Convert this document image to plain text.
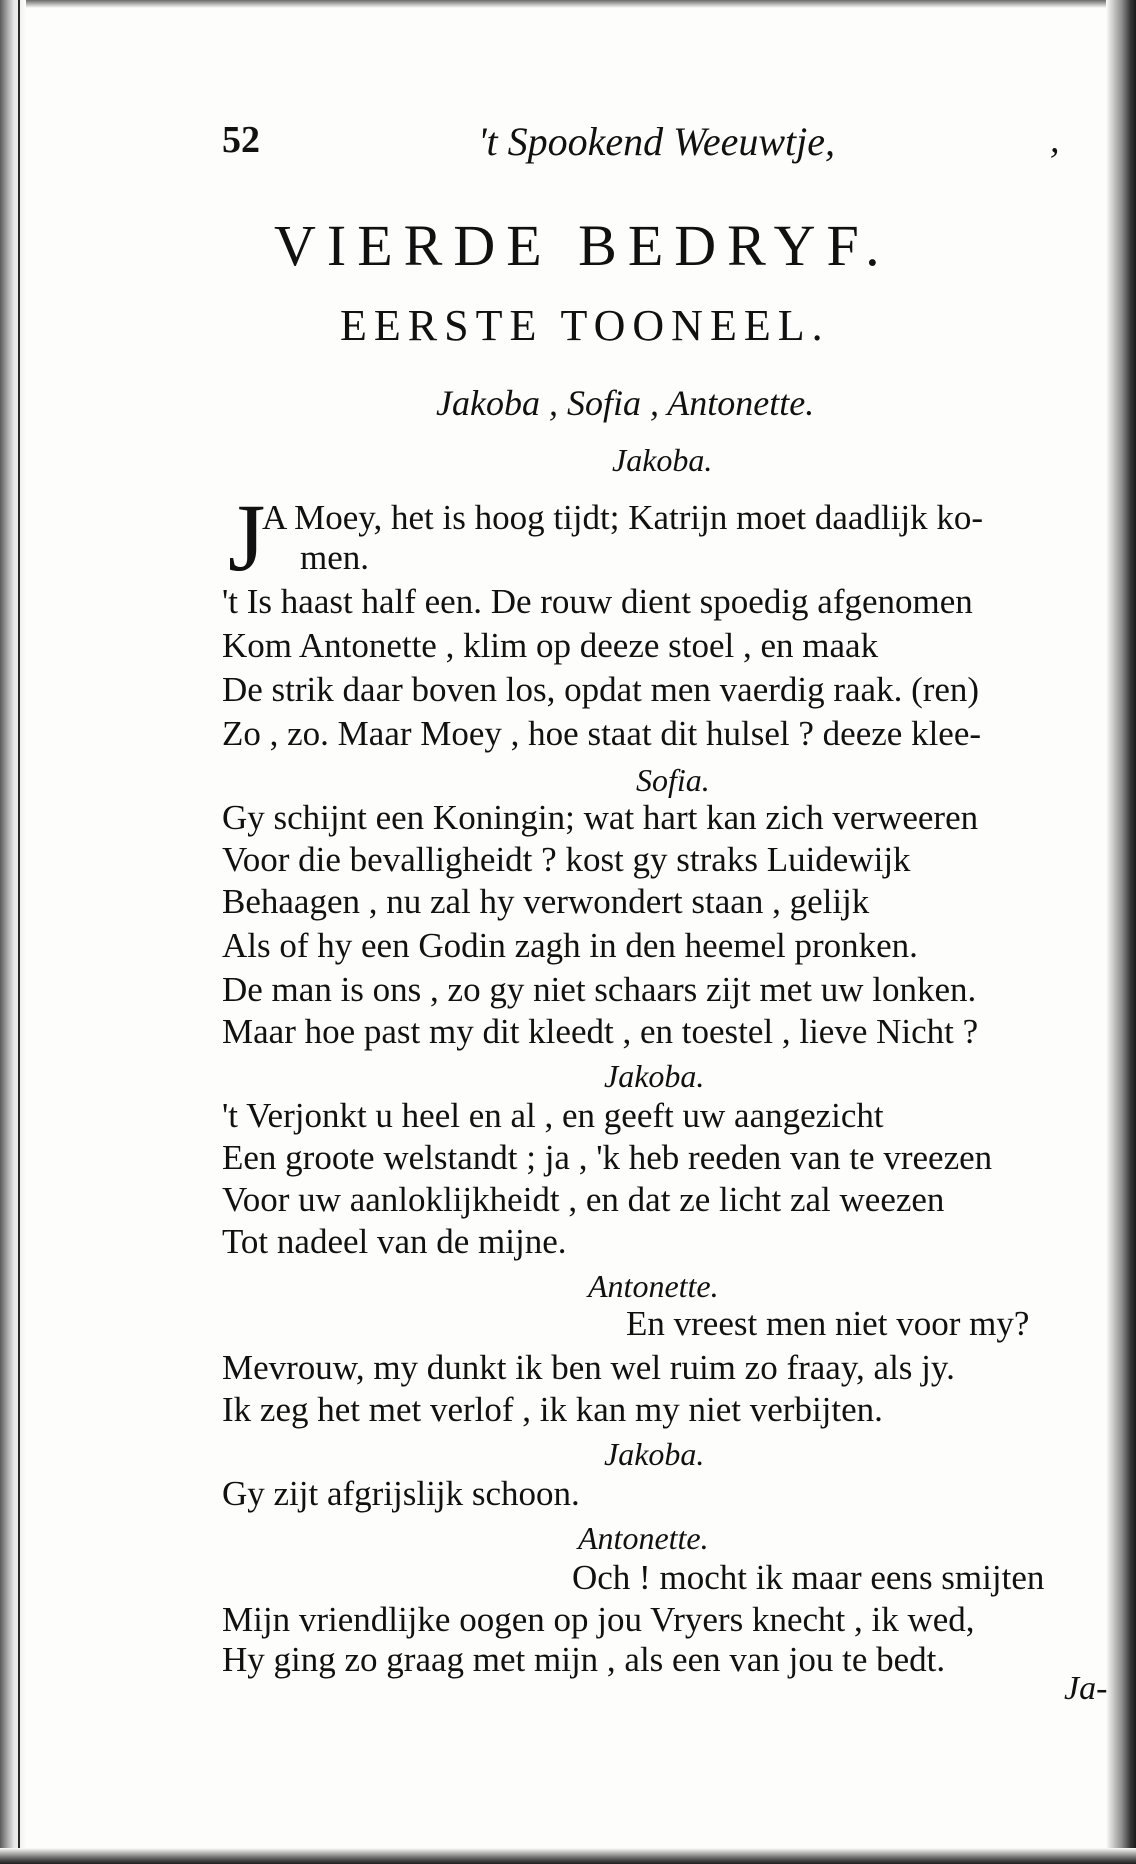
52	't Spookend Weeuwtje,	,
VIERDE BEDRYF.
EERSTE TOONEEL.
Jakoba , Sofia , Antonette.
Jakoba.
J
A Moey, het is hoog tijdt; Katrijn moet daadlijk ko-
men.
't Is haast half een. De rouw dient spoedig afgenomen
Kom Antonette , klim op deeze stoel , en maak
De strik daar boven los, opdat men vaerdig raak. (ren)
Zo , zo. Maar Moey , hoe staat dit hulsel ? deeze klee-
Sofia.
Gy schijnt een Koningin; wat hart kan zich verweeren
Voor die bevalligheidt ? kost gy straks Luidewijk
Behaagen , nu zal hy verwondert staan , gelijk
Als of hy een Godin zagh in den heemel pronken.
De man is ons , zo gy niet schaars zijt met uw lonken.
Maar hoe past my dit kleedt , en toestel , lieve Nicht ?
Jakoba.
't Verjonkt u heel en al , en geeft uw aangezicht
Een groote welstandt ; ja , 'k heb reeden van te vreezen
Voor uw aanloklijkheidt , en dat ze licht zal weezen
Tot nadeel van de mijne.
Antonette.
En vreest men niet voor my?
Mevrouw, my dunkt ik ben wel ruim zo fraay, als jy.
Ik zeg het met verlof , ik kan my niet verbijten.
Jakoba.
Gy zijt afgrijslijk schoon.
Antonette.
Och ! mocht ik maar eens smijten
Mijn vriendlijke oogen op jou Vryers knecht , ik wed,
Hy ging zo graag met mijn , als een van jou te bedt.
Ja-
